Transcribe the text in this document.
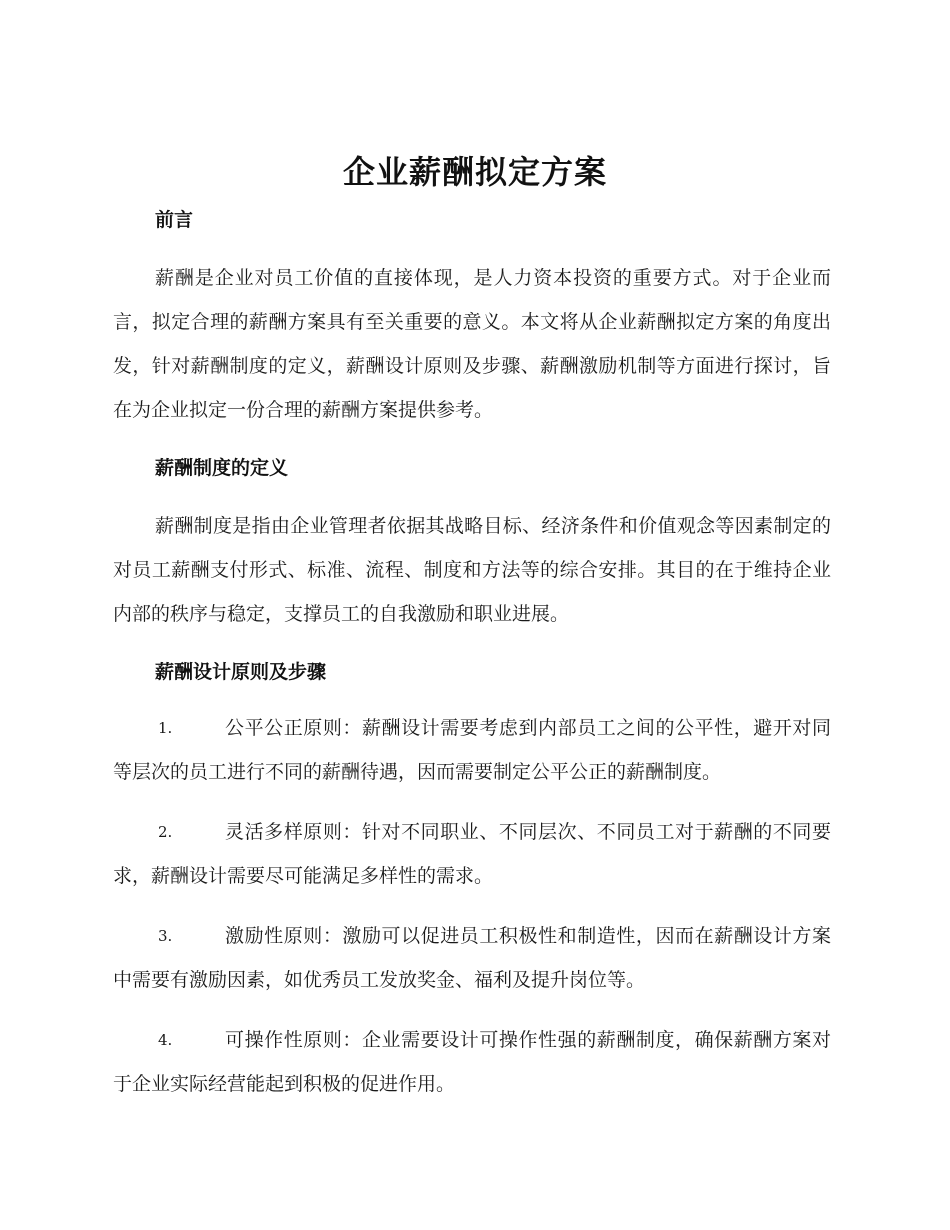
企业薪酬拟定方案
前言

薪酬是企业对员工价值的直接体现，是人力资本投资的重要方式。对于企业而言，拟定合理的薪酬方案具有至关重要的意义。本文将从企业薪酬拟定方案的角度出发，针对薪酬制度的定义，薪酬设计原则及步骤、薪酬激励机制等方面进行探讨，旨在为企业拟定一份合理的薪酬方案提供参考。

薪酬制度的定义

薪酬制度是指由企业管理者依据其战略目标、经济条件和价值观念等因素制定的对员工薪酬支付形式、标准、流程、制度和方法等的综合安排。其目的在于维持企业内部的秩序与稳定，支撑员工的自我激励和职业进展。

薪酬设计原则及步骤

1.	公平公正原则：薪酬设计需要考虑到内部员工之间的公平性，避开对同等层次的员工进行不同的薪酬待遇，因而需要制定公平公正的薪酬制度。

2.	灵活多样原则：针对不同职业、不同层次、不同员工对于薪酬的不同要求，薪酬设计需要尽可能满足多样性的需求。

3.	激励性原则：激励可以促进员工积极性和制造性，因而在薪酬设计方案中需要有激励因素，如优秀员工发放奖金、福利及提升岗位等。

4.	可操作性原则：企业需要设计可操作性强的薪酬制度，确保薪酬方案对于企业实际经营能起到积极的促进作用。
